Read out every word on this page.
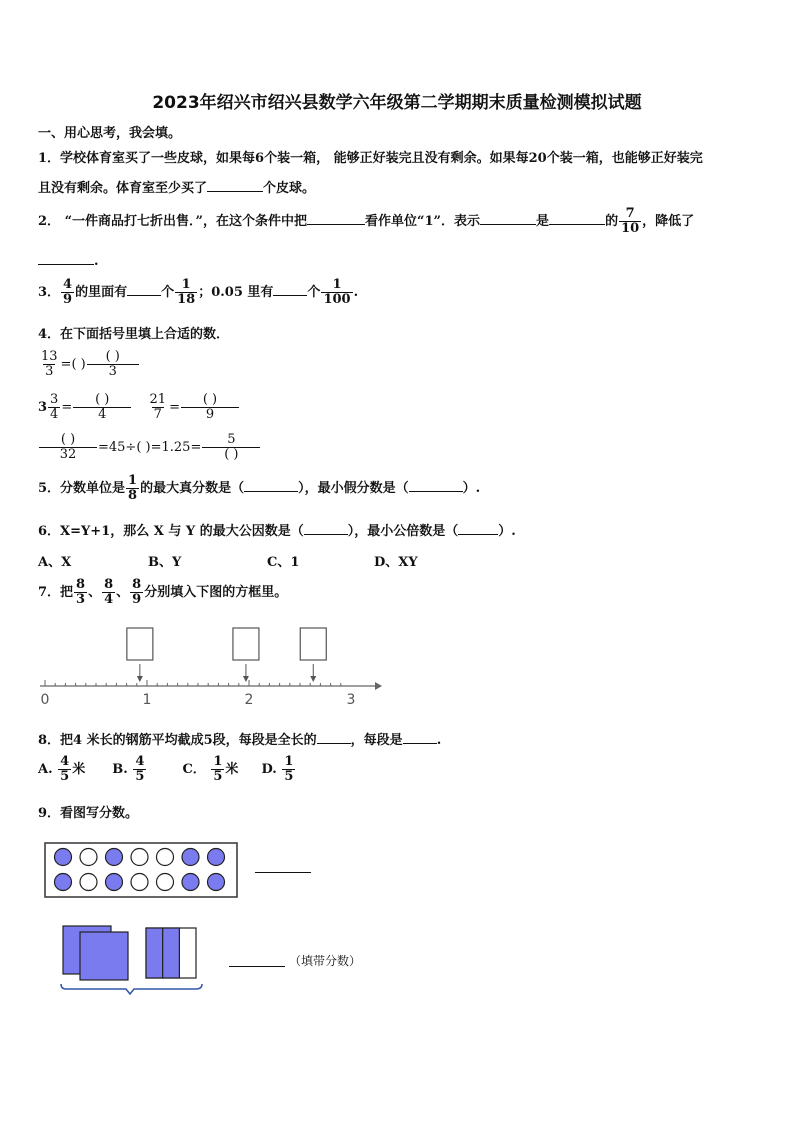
2023年绍兴市绍兴县数学六年级第二学期期末质量检测模拟试题
一、用心思考，我会填。
1．学校体育室买了一些皮球，如果每6个装一箱， 能够正好装完且没有剩余。如果每20个装一箱，也能够正好装完
且没有剩余。体育室至少买了	个皮球。
2． “一件商品打七折出售．”，在这个条件中把	看作单位“1”．表示	是	的 $\frac{7}{10}$ ，降低了
.
3． $\frac{4}{9}$ 的里面有	个 $\frac{1}{18}$ ；0.05 里有	个 $\frac{1}{100}$ .
4．在下面括号里填上合适的数．
$\frac{13}{3}$ =( ) $\frac{( )}{3}$
$3 \frac{3}{4} = \frac{( )}{4}$
$\frac{21}{7} = \frac{( )}{9}$
$\frac{( )}{32} =45\div$( )$=1.25= \frac{5}{( )}$
5．分数单位是 $\frac{1}{8}$ 的最大真分数是（	），最小假分数是（	）.
6．X=Y+1，那么 X 与 Y 的最大公因数是（	），最小公倍数是（	）.
A、X	B、Y	C、1	D、XY
7．把 $\frac{8}{3}$ 、 $\frac{8}{4}$ 、 $\frac{8}{9}$ 分别填入下图的方框里。
0	1	2	3
8．把4 米长的钢筋平均截成5段，每段是全长的	，每段是	.
A. $\frac{4}{5}$ 米 B. $\frac{4}{5}$	C． $\frac{1}{5}$ 米 D. $\frac{1}{5}$
9．看图写分数。
（填带分数）
